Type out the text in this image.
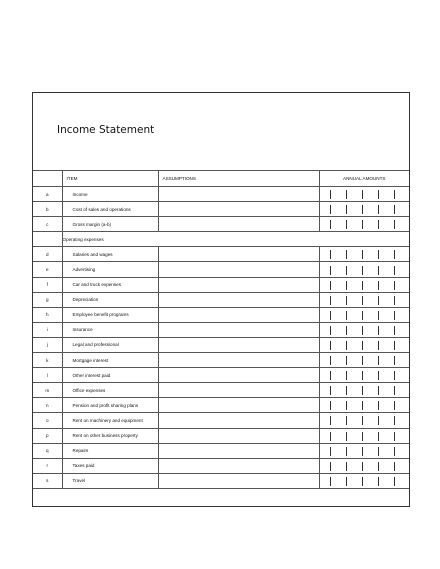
Income Statement
	ITEM	ASSUMPTIONS	ANNUAL AMOUNTS
a	Income		

b	Cost of sales and operations		

c	Gross margin (a-b)		

	Operating expenses		
d	Salaries and wages		

e	Advertising		

f	Car and truck expenses		

g	Depreciation		

h	Employee benefit programs		

i	Insurance		

j	Legal and professional		

k	Mortgage interest		

l	Other interest paid		

m	Office expenses		

n	Pension and profit sharing plans		

o	Rent on machinery and equipment		

p	Rent on other business property		

q	Repairs		

r	Taxes paid		

s	Travel		
